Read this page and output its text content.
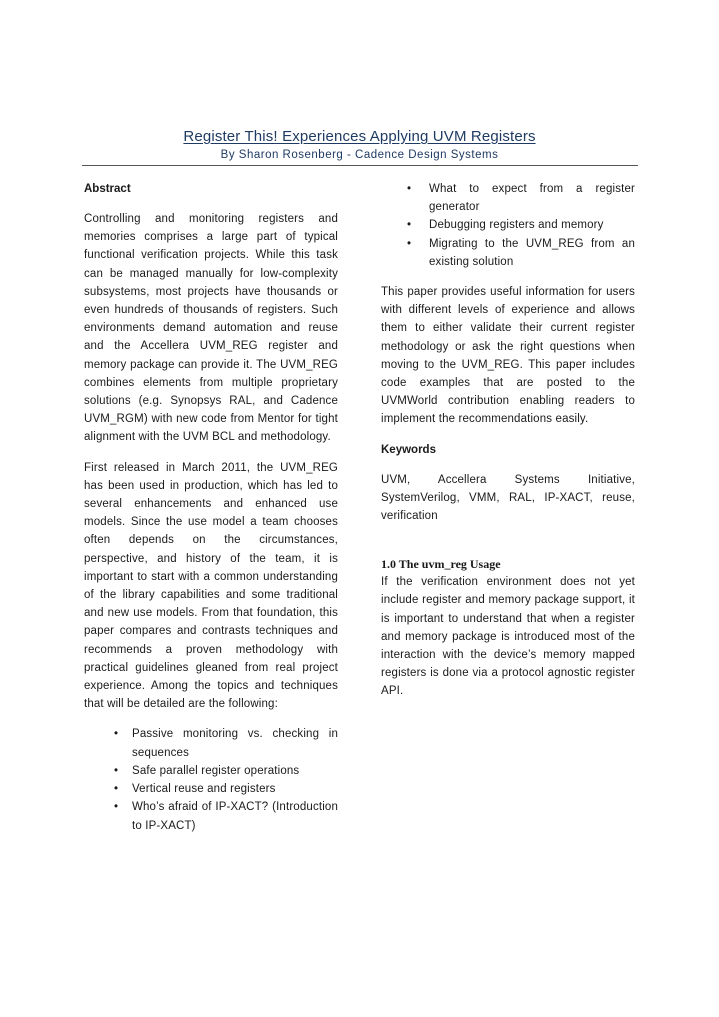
Register This! Experiences Applying UVM Registers
By Sharon Rosenberg - Cadence Design Systems
Abstract

Controlling and monitoring registers and memories comprises a large part of typical functional verification projects. While this task can be managed manually for low-complexity subsystems, most projects have thousands or even hundreds of thousands of registers. Such environments demand automation and reuse and the Accellera UVM_REG register and memory package can provide it. The UVM_REG combines elements from multiple proprietary solutions (e.g. Synopsys RAL, and Cadence UVM_RGM) with new code from Mentor for tight alignment with the UVM BCL and methodology.

First released in March 2011, the UVM_REG has been used in production, which has led to several enhancements and enhanced use models. Since the use model a team chooses often depends on the circumstances, perspective, and history of the team, it is important to start with a common understanding of the library capabilities and some traditional and new use models. From that foundation, this paper compares and contrasts techniques and recommends a proven methodology with practical guidelines gleaned from real project experience. Among the topics and techniques that will be detailed are the following:

• Passive monitoring vs. checking in sequences
• Safe parallel register operations
• Vertical reuse and registers
• Who’s afraid of IP-XACT? (Introduction to IP-XACT)
• What to expect from a register generator
• Debugging registers and memory
• Migrating to the UVM_REG from an existing solution

This paper provides useful information for users with different levels of experience and allows them to either validate their current register methodology or ask the right questions when moving to the UVM_REG. This paper includes code examples that are posted to the UVMWorld contribution enabling readers to implement the recommendations easily.

Keywords

UVM, Accellera Systems Initiative, SystemVerilog, VMM, RAL, IP-XACT, reuse, verification

1.0 The uvm_reg Usage

If the verification environment does not yet include register and memory package support, it is important to understand that when a register and memory package is introduced most of the interaction with the device’s memory mapped registers is done via a protocol agnostic register API.
